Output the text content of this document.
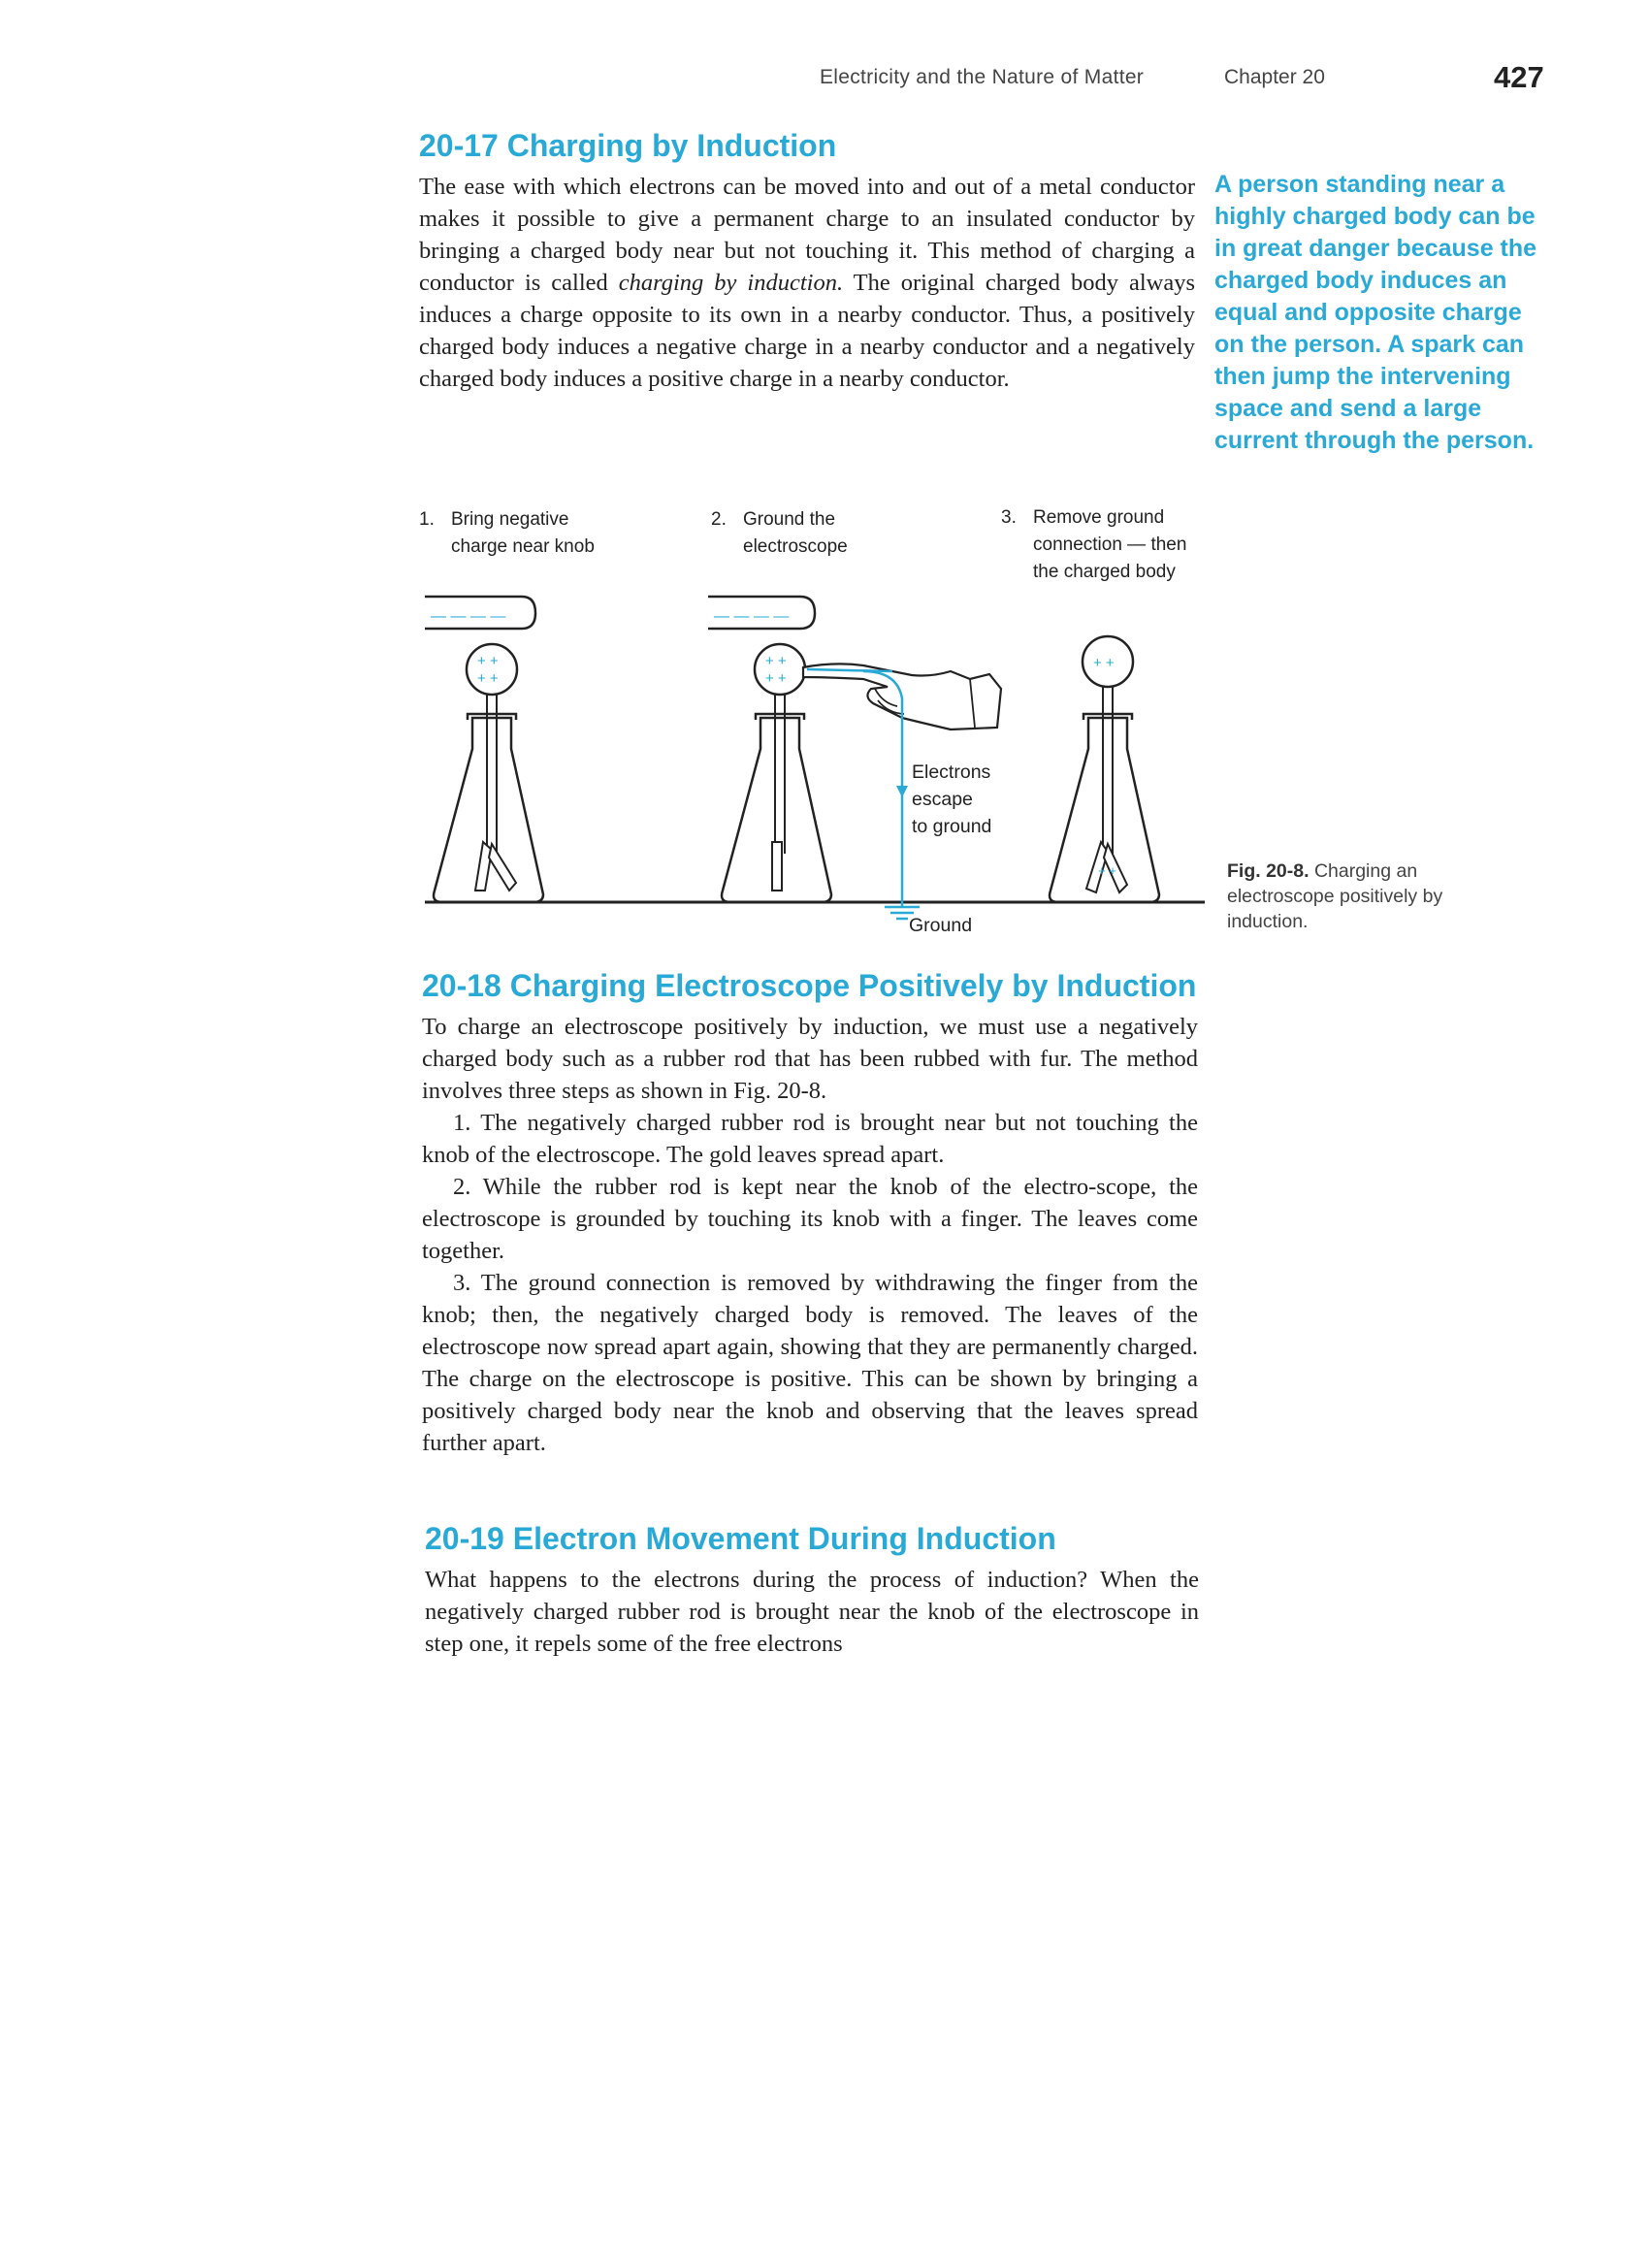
Electricity and the Nature of Matter	Chapter 20	427
20-17 Charging by Induction

The ease with which electrons can be moved into and out of a metal conductor makes it possible to give a permanent charge to an insulated conductor by bringing a charged body near but not touching it. This method of charging a conductor is called charging by induction. The original charged body always induces a charge opposite to its own in a nearby conductor. Thus, a positively charged body induces a negative charge in a nearby conductor and a negatively charged body induces a positive charge in a nearby conductor.

A person standing near a highly charged body can be in great danger because the charged body induces an equal and opposite charge on the person. A spark can then jump the intervening space and send a large current through the person.
1. Bring negative
charge near knob
2. Ground the
electroscope
3. Remove ground
connection — then
the charged body
— — — —
+ +
+ +
— — — —
+ +
+ +
+ +
+ +
Electrons
escape
to ground
Ground
Fig. 20-8. Charging an electroscope positively by induction.
20-18 Charging Electroscope Positively by Induction

To charge an electroscope positively by induction, we must use a negatively charged body such as a rubber rod that has been rubbed with fur. The method involves three steps as shown in Fig. 20-8.

1. The negatively charged rubber rod is brought near but not touching the knob of the electroscope. The gold leaves spread apart.

2. While the rubber rod is kept near the knob of the electro-scope, the electroscope is grounded by touching its knob with a finger. The leaves come together.

3. The ground connection is removed by withdrawing the finger from the knob; then, the negatively charged body is removed. The leaves of the electroscope now spread apart again, showing that they are permanently charged. The charge on the electroscope is positive. This can be shown by bringing a positively charged body near the knob and observing that the leaves spread further apart.

20-19 Electron Movement During Induction

What happens to the electrons during the process of induction? When the negatively charged rubber rod is brought near the knob of the electroscope in step one, it repels some of the free electrons
